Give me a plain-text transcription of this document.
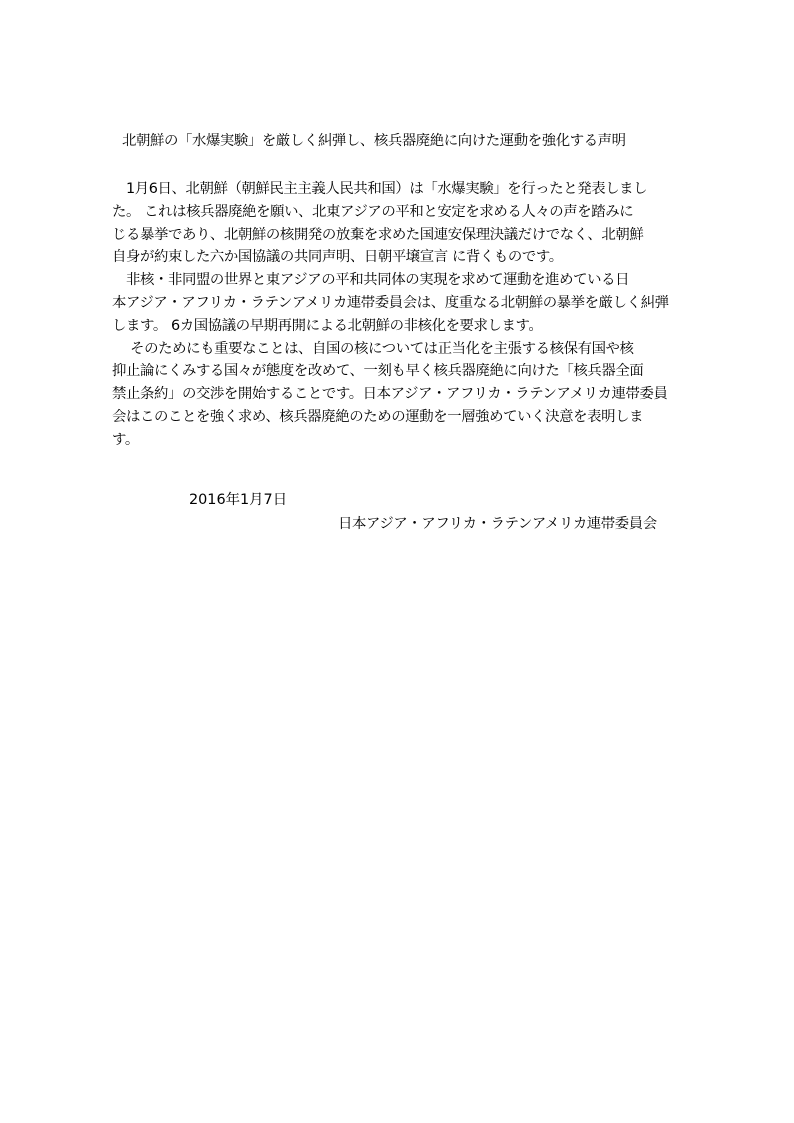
北朝鮮の「水爆実験」を厳しく糾弾し、核兵器廃絶に向けた運動を強化する声明
　1月6日、北朝鮮（朝鮮民主主義人民共和国）は「水爆実験」を行ったと発表しまし
た。 これは核兵器廃絶を願い、北東アジアの平和と安定を求める人々の声を踏みに
じる暴挙であり、北朝鮮の核開発の放棄を求めた国連安保理決議だけでなく、北朝鮮
自身が約束した六か国協議の共同声明、日朝平壌宣言 に背くものです。
　非核・非同盟の世界と東アジアの平和共同体の実現を求めて運動を進めている日
本アジア・アフリカ・ラテンアメリカ連帯委員会は、度重なる北朝鮮の暴挙を厳しく糾弾
します。 6カ国協議の早期再開による北朝鮮の非核化を要求します。
　 そのためにも重要なことは、自国の核については正当化を主張する核保有国や核
抑止論にくみする国々が態度を改めて、一刻も早く核兵器廃絶に向けた「核兵器全面
禁止条約」の交渉を開始することです。日本アジア・アフリカ・ラテンアメリカ連帯委員
会はこのことを強く求め、核兵器廃絶のための運動を一層強めていく決意を表明しま
す。
2016年1月7日
日本アジア・アフリカ・ラテンアメリカ連帯委員会
